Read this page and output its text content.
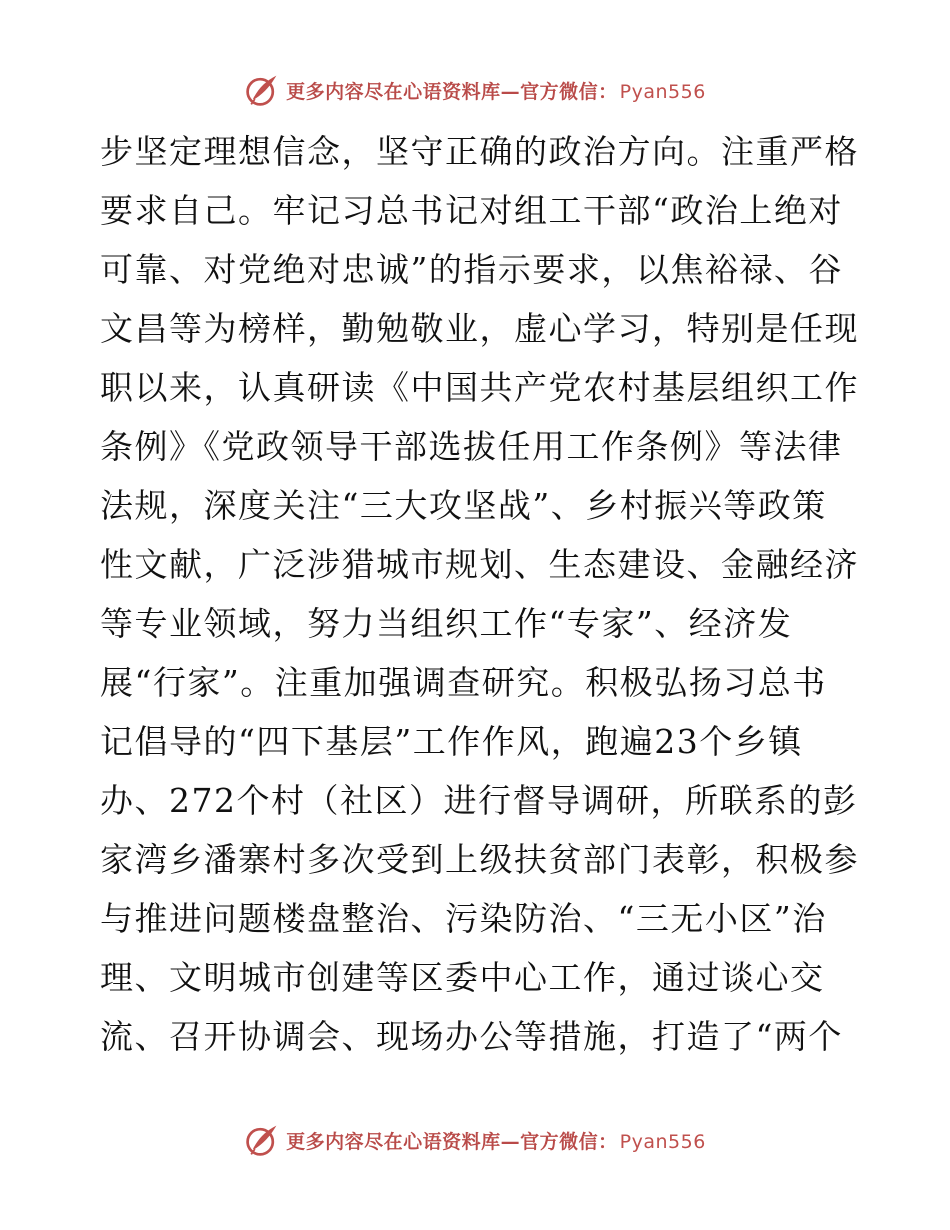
更多内容尽在心语资料库—官方微信： Pyan556
步坚定理想信念，坚守正确的政治方向。注重严格
要求自己。牢记习总书记对组工干部“政治上绝对
可靠、对党绝对忠诚”的指示要求，以焦裕禄、谷
文昌等为榜样，勤勉敬业，虚心学习，特别是任现
职以来，认真研读《中国共产党农村基层组织工作
条例》《党政领导干部选拔任用工作条例》等法律
法规，深度关注“三大攻坚战”、乡村振兴等政策
性文献，广泛涉猎城市规划、生态建设、金融经济
等专业领域，努力当组织工作“专家”、经济发
展“行家”。注重加强调查研究。积极弘扬习总书
记倡导的“四下基层”工作作风，跑遍23个乡镇
办、272个村（社区）进行督导调研，所联系的彭
家湾乡潘寨村多次受到上级扶贫部门表彰，积极参
与推进问题楼盘整治、污染防治、“三无小区”治
理、文明城市创建等区委中心工作，通过谈心交
流、召开协调会、现场办公等措施，打造了“两个
更多内容尽在心语资料库—官方微信： Pyan556
